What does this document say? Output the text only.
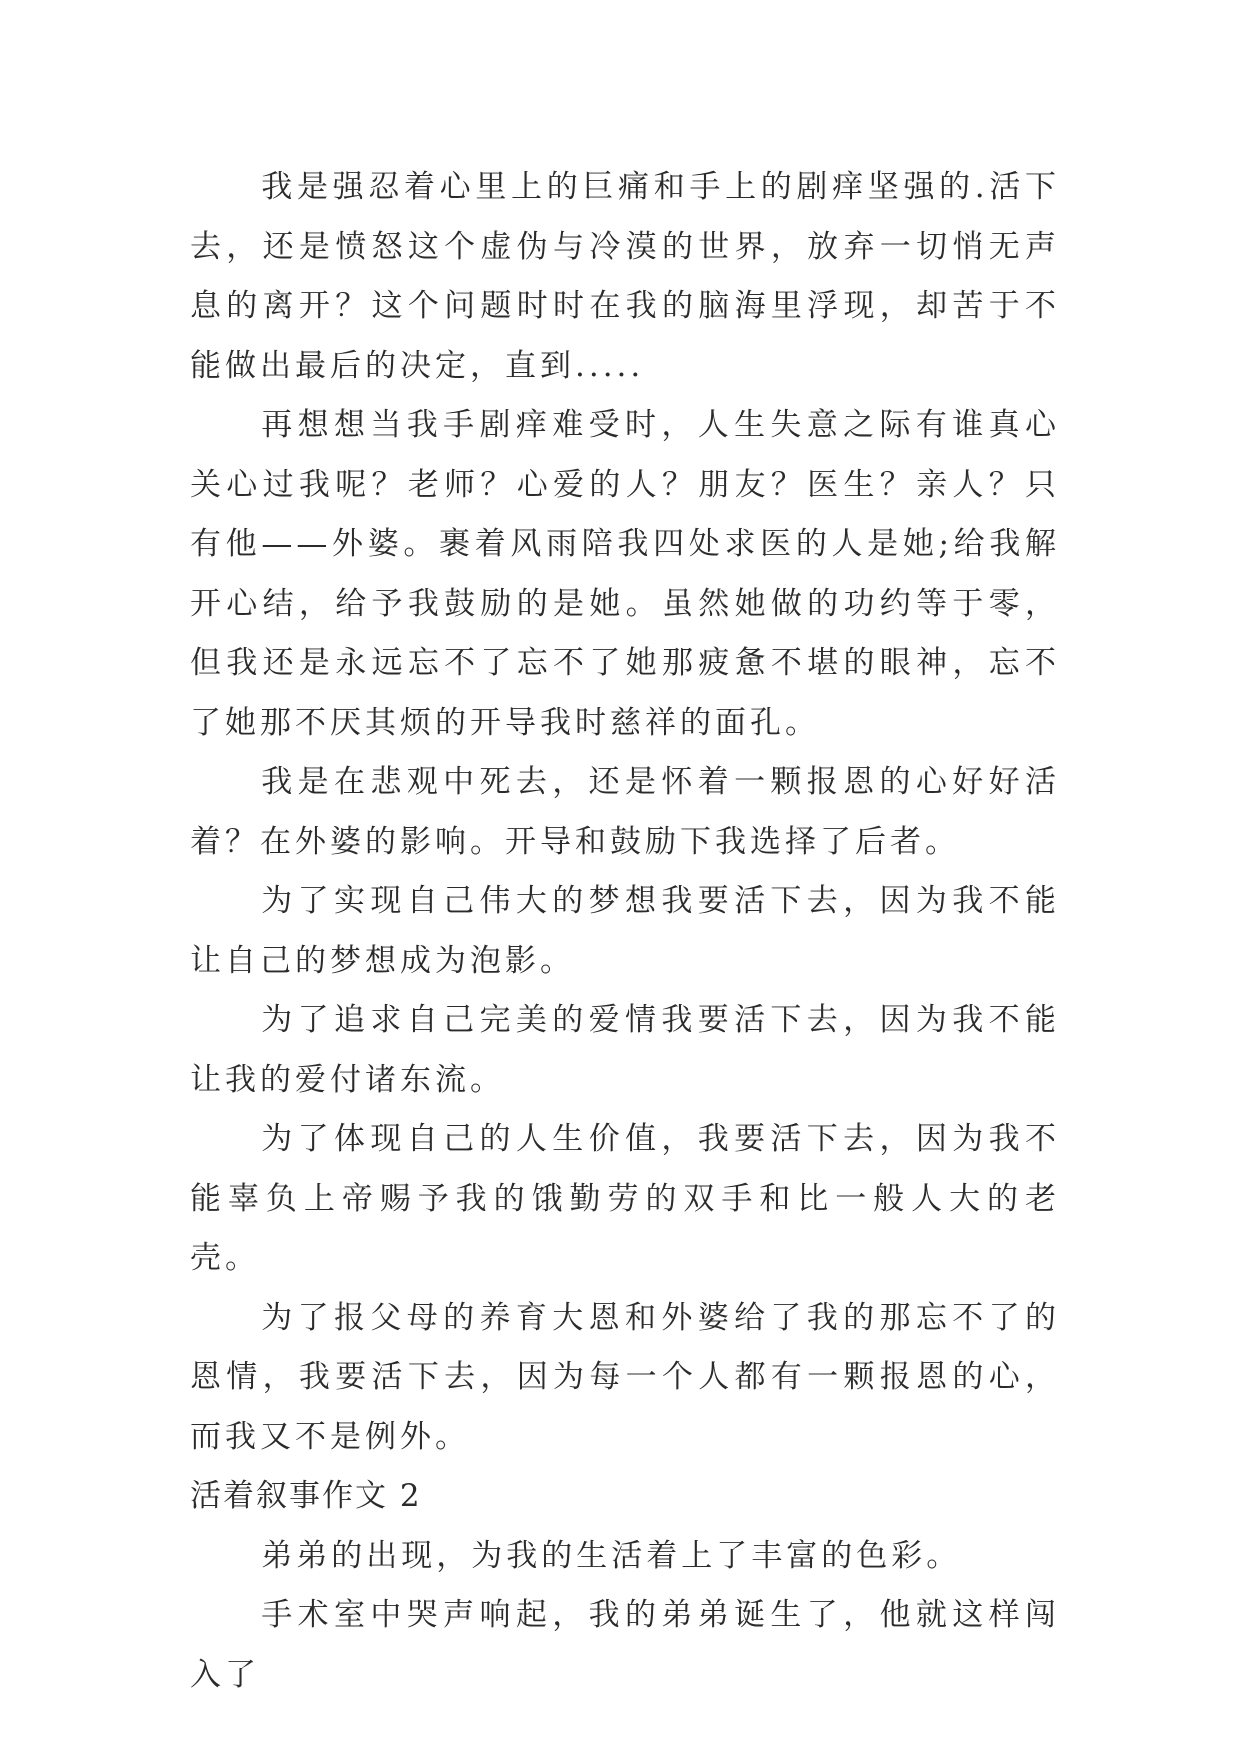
我是强忍着心里上的巨痛和手上的剧痒坚强的.活下去，还是愤怒这个虚伪与冷漠的世界，放弃一切悄无声息的离开？这个问题时时在我的脑海里浮现，却苦于不能做出最后的决定，直到.....

再想想当我手剧痒难受时，人生失意之际有谁真心关心过我呢？老师？心爱的人？朋友？医生？亲人？只有他——外婆。裹着风雨陪我四处求医的人是她;给我解开心结，给予我鼓励的是她。虽然她做的功约等于零，但我还是永远忘不了忘不了她那疲惫不堪的眼神，忘不了她那不厌其烦的开导我时慈祥的面孔。

我是在悲观中死去，还是怀着一颗报恩的心好好活着？在外婆的影响。开导和鼓励下我选择了后者。

为了实现自己伟大的梦想我要活下去，因为我不能让自己的梦想成为泡影。

为了追求自己完美的爱情我要活下去，因为我不能让我的爱付诸东流。

为了体现自己的人生价值，我要活下去，因为我不能辜负上帝赐予我的饿勤劳的双手和比一般人大的老壳。

为了报父母的养育大恩和外婆给了我的那忘不了的恩情，我要活下去，因为每一个人都有一颗报恩的心，而我又不是例外。

活着叙事作文 2

弟弟的出现，为我的生活着上了丰富的色彩。

手术室中哭声响起，我的弟弟诞生了，他就这样闯入了
